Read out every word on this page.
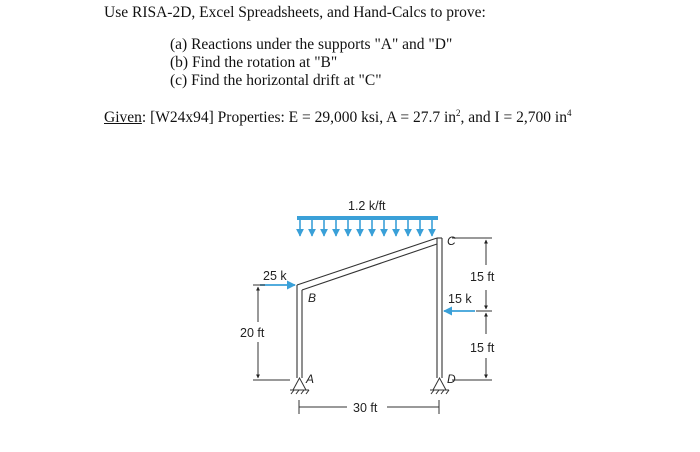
Use RISA-2D, Excel Spreadsheets, and Hand-Calcs to prove:
(a) Reactions under the supports "A" and "D"
(b) Find the rotation at "B"
(c) Find the horizontal drift at "C"
Given: [W24x94] Properties: E = 29,000 ksi, A = 27.7 $in^2$, and I = 2,700 $in^4$
1.2 k/ft
B
C
A	D
25 k
15 k
20 ft
15 ft
15 ft
30 ft
